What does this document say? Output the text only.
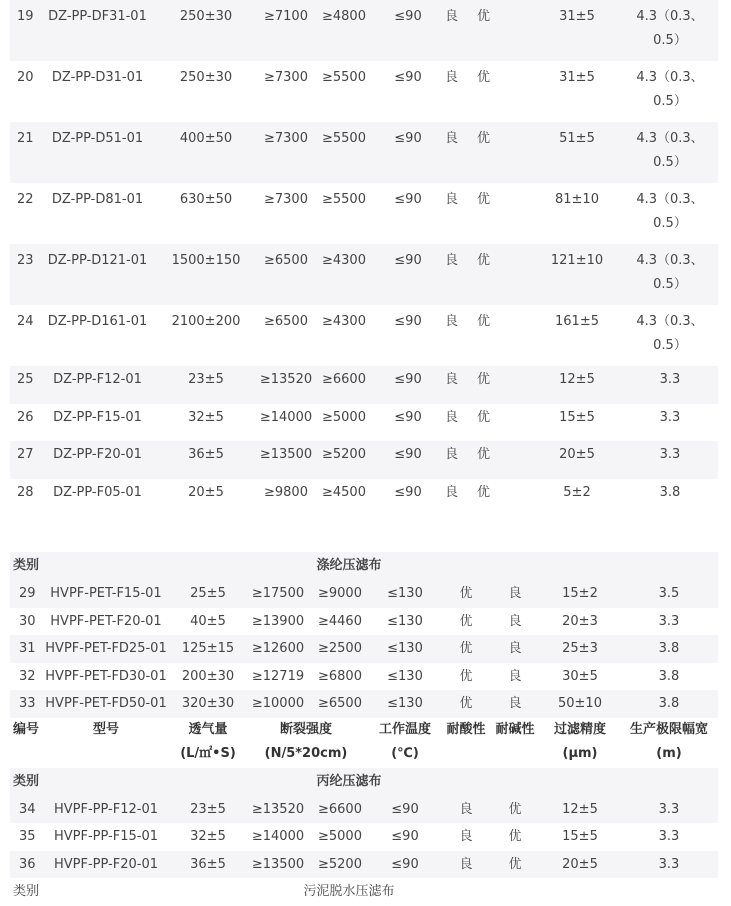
19	DZ-PP-DF31-01	250±30	≥7100	≥4800	≤90	良	优	31±5	4.3（0.3、
0.5）
20	DZ-PP-D31-01	250±30	≥7300	≥5500	≤90	良	优	31±5	4.3（0.3、
0.5）
21	DZ-PP-D51-01	400±50	≥7300	≥5500	≤90	良	优	51±5	4.3（0.3、
0.5）
22	DZ-PP-D81-01	630±50	≥7300	≥5500	≤90	良	优	81±10	4.3（0.3、
0.5）
23	DZ-PP-D121-01	1500±150	≥6500	≥4300	≤90	良	优	121±10	4.3（0.3、
0.5）
24	DZ-PP-D161-01	2100±200	≥6500	≥4300	≤90	良	优	161±5	4.3（0.3、
0.5）
25	DZ-PP-F12-01	23±5	≥13520	≥6600	≤90	良	优	12±5	3.3
26	DZ-PP-F15-01	32±5	≥14000	≥5000	≤90	良	优	15±5	3.3
27	DZ-PP-F20-01	36±5	≥13500	≥5200	≤90	良	优	20±5	3.3
28	DZ-PP-F05-01	20±5	≥9800	≥4500	≤90	良	优	5±2	3.8
类别	涤纶压滤布								
29	HVPF-PET-F15-01	25±5	≥17500	≥9000	≤130	优	良	15±2	3.5
30	HVPF-PET-F20-01	40±5	≥13900	≥4460	≤130	优	良	20±3	3.3
31	HVPF-PET-FD25-01	125±15	≥12600	≥2500	≤130	优	良	25±3	3.8
32	HVPF-PET-FD30-01	200±30	≥12719	≥6800	≤130	优	良	30±5	3.8
33	HVPF-PET-FD50-01	320±30	≥10000	≥6500	≤130	优	良	50±10	3.8
编号	型号	透气量	断裂强度		工作温度	耐酸性	耐碱性	过滤精度	生产极限幅宽
		(L/㎡•S)	(N/5*20cm)		(℃)			(μm)	(m)
类别	丙纶压滤布								
34	HVPF-PP-F12-01	23±5	≥13520	≥6600	≤90	良	优	12±5	3.3
35	HVPF-PP-F15-01	32±5	≥14000	≥5000	≤90	良	优	15±5	3.3
36	HVPF-PP-F20-01	36±5	≥13500	≥5200	≤90	良	优	20±5	3.3
类别	污泥脱水压滤布								
